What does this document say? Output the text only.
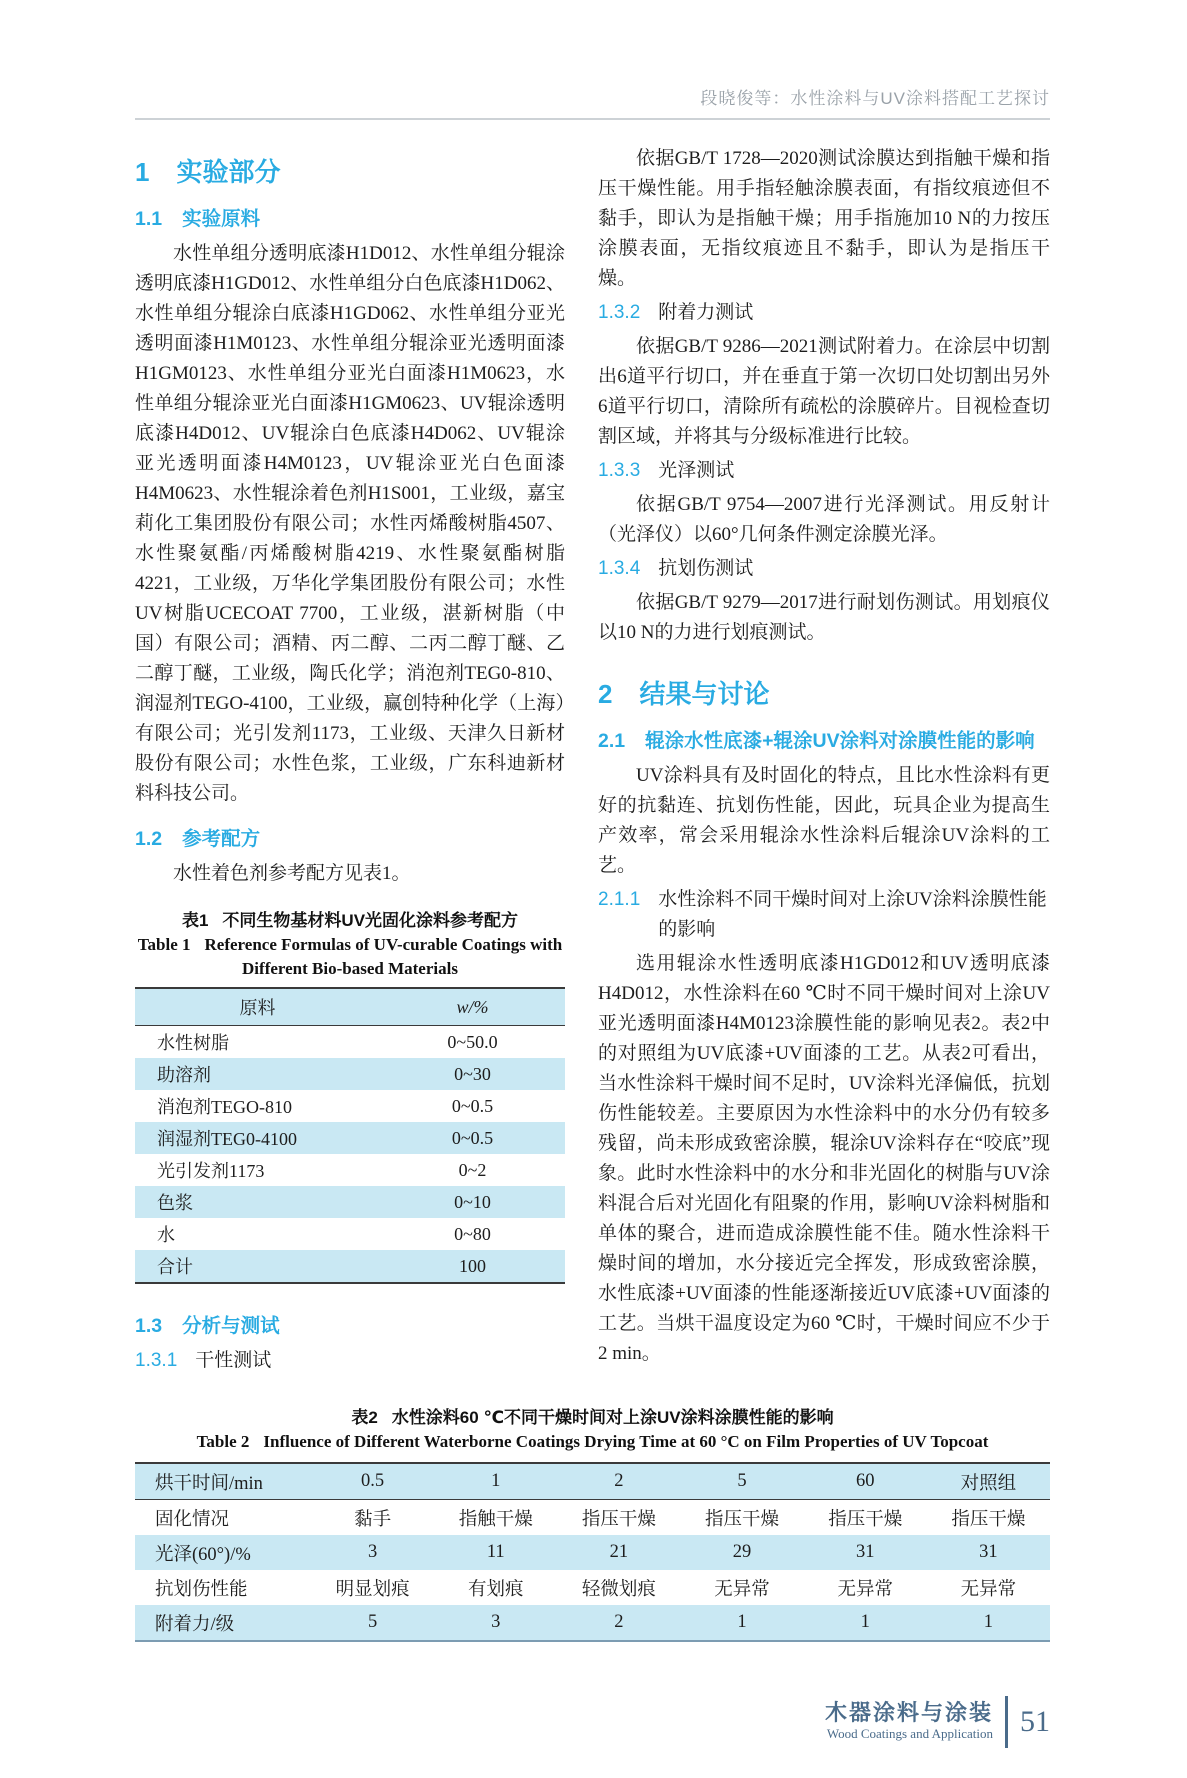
段晓俊等：水性涂料与UV涂料搭配工艺探讨
1 实验部分
1.1 实验原料

水性单组分透明底漆H1D012、水性单组分辊涂透明底漆H1GD012、水性单组分白色底漆H1D062、水性单组分辊涂白底漆H1GD062、水性单组分亚光透明面漆H1M0123、水性单组分辊涂亚光透明面漆H1GM0123、水性单组分亚光白面漆H1M0623，水性单组分辊涂亚光白面漆H1GM0623、UV辊涂透明底漆H4D012、UV辊涂白色底漆H4D062、UV辊涂亚光透明面漆H4M0123，UV辊涂亚光白色面漆H4M0623、水性辊涂着色剂H1S001，工业级，嘉宝莉化工集团股份有限公司；水性丙烯酸树脂4507、水性聚氨酯/丙烯酸树脂4219、水性聚氨酯树脂4221，工业级，万华化学集团股份有限公司；水性UV树脂UCECOAT 7700，工业级，湛新树脂（中国）有限公司；酒精、丙二醇、二丙二醇丁醚、乙二醇丁醚，工业级，陶氏化学；消泡剂TEG0-810、润湿剂TEGO-4100，工业级，赢创特种化学（上海）有限公司；光引发剂1173，工业级、天津久日新材股份有限公司；水性色浆，工业级，广东科迪新材料科技公司。

1.2 参考配方

水性着色剂参考配方见表1。

表1 不同生物基材料UV光固化涂料参考配方
Table 1 Reference Formulas of UV-curable Coatings with Different Bio-based Materials
原料	w/%
水性树脂	0~50.0
助溶剂	0~30
消泡剂TEGO-810	0~0.5
润湿剂TEG0-4100	0~0.5
光引发剂1173	0~2
色浆	0~10
水	0~80
合计	100
1.3 分析与测试
1.3.1 干性测试

依据GB/T 1728—2020测试涂膜达到指触干燥和指压干燥性能。用手指轻触涂膜表面，有指纹痕迹但不黏手，即认为是指触干燥；用手指施加10 N的力按压涂膜表面，无指纹痕迹且不黏手，即认为是指压干燥。

1.3.2 附着力测试

依据GB/T 9286—2021测试附着力。在涂层中切割出6道平行切口，并在垂直于第一次切口处切割出另外6道平行切口，清除所有疏松的涂膜碎片。目视检查切割区域，并将其与分级标准进行比较。

1.3.3 光泽测试

依据GB/T 9754—2007进行光泽测试。用反射计（光泽仪）以60°几何条件测定涂膜光泽。

1.3.4 抗划伤测试

依据GB/T 9279—2017进行耐划伤测试。用划痕仪以10 N的力进行划痕测试。

2 结果与讨论
2.1 辊涂水性底漆+辊涂UV涂料对涂膜性能的影响

UV涂料具有及时固化的特点，且比水性涂料有更好的抗黏连、抗划伤性能，因此，玩具企业为提高生产效率，常会采用辊涂水性涂料后辊涂UV涂料的工艺。

2.1.1 水性涂料不同干燥时间对上涂UV涂料涂膜性能的影响

选用辊涂水性透明底漆H1GD012和UV透明底漆H4D012，水性涂料在60 ℃时不同干燥时间对上涂UV亚光透明面漆H4M0123涂膜性能的影响见表2。表2中的对照组为UV底漆+UV面漆的工艺。从表2可看出，当水性涂料干燥时间不足时，UV涂料光泽偏低，抗划伤性能较差。主要原因为水性涂料中的水分仍有较多残留，尚未形成致密涂膜，辊涂UV涂料存在“咬底”现象。此时水性涂料中的水分和非光固化的树脂与UV涂料混合后对光固化有阻聚的作用，影响UV涂料树脂和单体的聚合，进而造成涂膜性能不佳。随水性涂料干燥时间的增加，水分接近完全挥发，形成致密涂膜，水性底漆+UV面漆的性能逐渐接近UV底漆+UV面漆的工艺。当烘干温度设定为60 ℃时，干燥时间应不少于2 min。

表2 水性涂料60 ℃不同干燥时间对上涂UV涂料涂膜性能的影响
Table 2 Influence of Different Waterborne Coatings Drying Time at 60 °C on Film Properties of UV Topcoat
烘干时间/min	0.5	1	2	5	60	对照组
固化情况	黏手	指触干燥	指压干燥	指压干燥	指压干燥	指压干燥
光泽(60°)/%	3	11	21	29	31	31
抗划伤性能	明显划痕	有划痕	轻微划痕	无异常	无异常	无异常
附着力/级	5	3	2	1	1	1
木器涂料与涂装
Wood Coatings and Application 51
